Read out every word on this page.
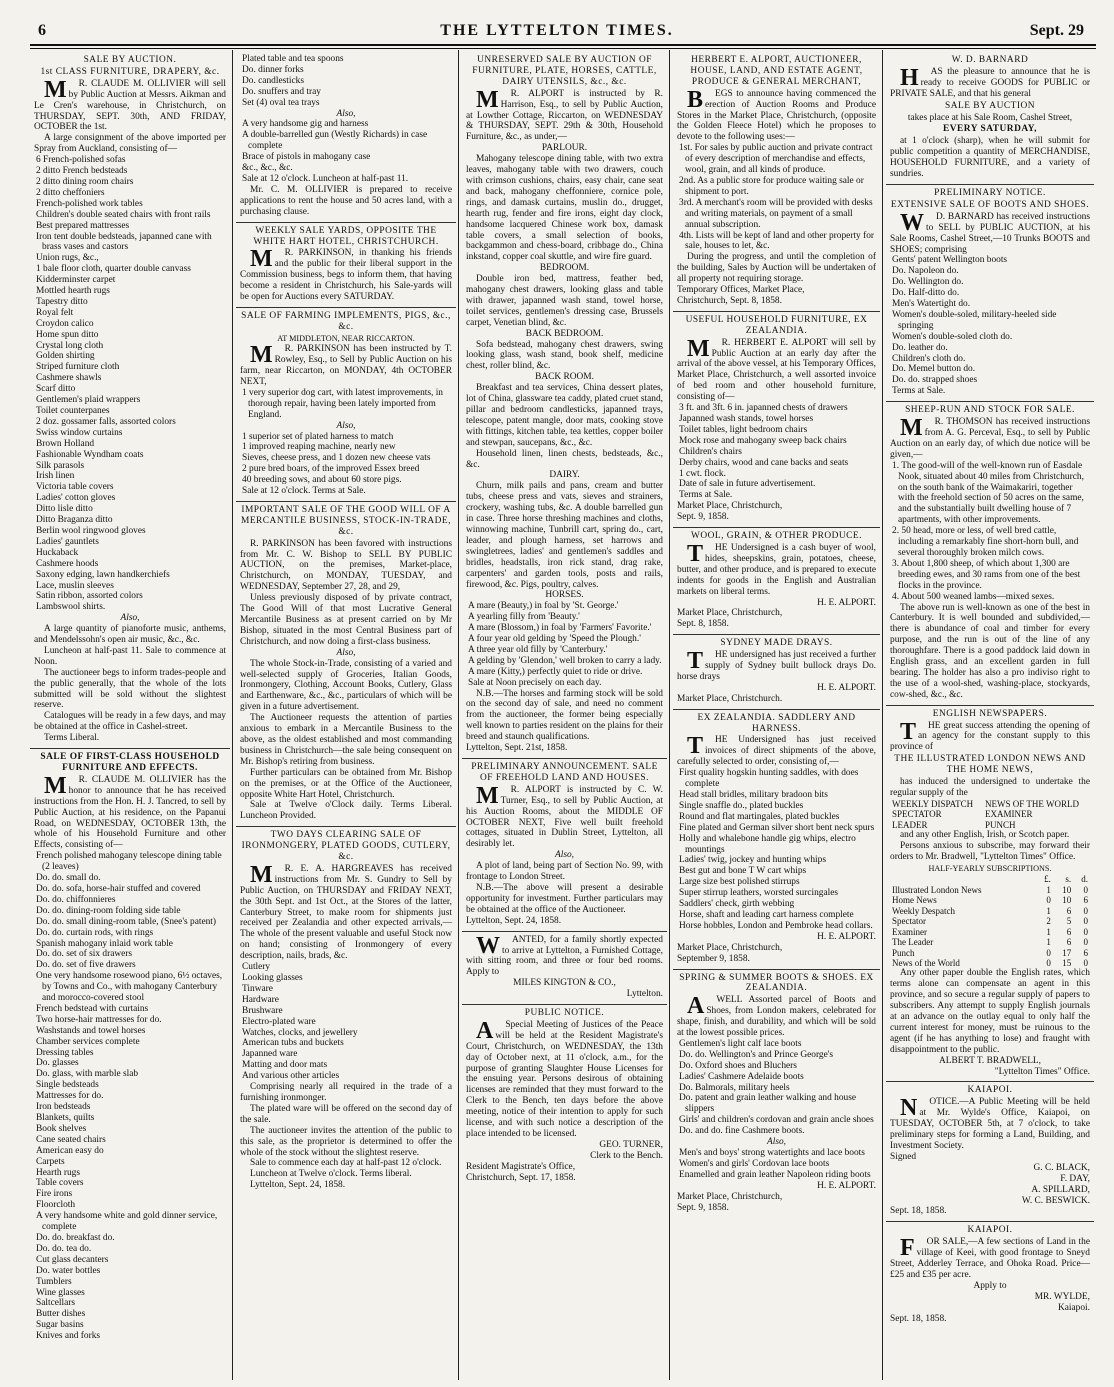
6	THE LYTTELTON TIMES.	Sept. 29
SALE BY AUCTION.
1st CLASS FURNITURE, DRAPERY, &c.

M R. CLAUDE M. OLLIVIER will sell by Public Auction at Messrs. Aikman and Le Cren's warehouse, in Christchurch, on THURSDAY, SEPT. 30th, AND FRIDAY, OCTOBER the 1st.

A large consignment of the above imported per Spray from Auckland, consisting of—

6 French-polished sofas
2 ditto French bedsteads
2 ditto dining room chairs
2 ditto cheffoniers
French-polished work tables
Children's double seated chairs with front rails
Best prepared mattresses
Iron tent double bedsteads, japanned cane with brass vases and castors
Union rugs, &c.,
1 bale floor cloth, quarter double canvass
Kidderminster carpet
Mottled hearth rugs
Tapestry ditto
Royal felt
Croydon calico
Home spun ditto
Crystal long cloth
Golden shirting
Striped furniture cloth
Cashmere shawls
Scarf ditto
Gentlemen's plaid wrappers
Toilet counterpanes
2 doz. gossamer falls, assorted colors
Swiss window curtains
Brown Holland
Fashionable Wyndham coats
Silk parasols
Irish linen
Victoria table covers
Ladies' cotton gloves
Ditto lisle ditto
Ditto Braganza ditto
Berlin wool ringwood gloves
Ladies' gauntlets
Huckaback
Cashmere hoods
Saxony edging, lawn handkerchiefs
Lace, muslin sleeves
Satin ribbon, assorted colors
Lambswool shirts.
Also,

A large quantity of pianoforte music, anthems, and Mendelssohn's open air music, &c., &c.

Luncheon at half-past 11. Sale to commence at Noon.

The auctioneer begs to inform trades-people and the public generally, that the whole of the lots submitted will be sold without the slightest reserve.

Catalogues will be ready in a few days, and may be obtained at the office in Cashel-street.

Terms Liberal.

SALE OF FIRST-CLASS HOUSEHOLD FURNITURE AND EFFECTS.

M R. CLAUDE M. OLLIVIER has the honor to announce that he has received instructions from the Hon. H. J. Tancred, to sell by Public Auction, at his residence, on the Papanui Road, on WEDNESDAY, OCTOBER 13th, the whole of his Household Furniture and other Effects, consisting of—

French polished mahogany telescope dining table (2 leaves)
Do. do. small do.
Do. do. sofa, horse-hair stuffed and covered
Do. do. chiffonnieres
Do. do. dining-room folding side table
Do. do. small dining-room table, (Snee's patent)
Do. do. curtain rods, with rings
Spanish mahogany inlaid work table
Do. do. set of six drawers
Do. do. set of five drawers
One very handsome rosewood piano, 6½ octaves, by Towns and Co., with mahogany Canterbury and morocco-covered stool
French bedstead with curtains
Two horse-hair mattresses for do.
Washstands and towel horses
Chamber services complete
Dressing tables
Do. glasses
Do. glass, with marble slab
Single bedsteads
Mattresses for do.
Iron bedsteads
Blankets, quilts
Book shelves
Cane seated chairs
American easy do
Carpets
Hearth rugs
Table covers
Fire irons
Floorcloth
A very handsome white and gold dinner service, complete
Do. do. breakfast do.
Do. do. tea do.
Cut glass decanters
Do. water bottles
Tumblers
Wine glasses
Saltcellars
Butter dishes
Sugar basins
Knives and forks
Plated table and tea spoons
Do. dinner forks
Do. candlesticks
Do. snuffers and tray
Set (4) oval tea trays
Also,
A very handsome gig and harness
A double-barrelled gun (Westly Richards) in case complete
Brace of pistols in mahogany case
&c., &c., &c.
Sale at 12 o'clock. Luncheon at half-past 11.

Mr. C. M. OLLIVIER is prepared to receive applications to rent the house and 50 acres land, with a purchasing clause.

WEEKLY SALE YARDS, OPPOSITE THE WHITE HART HOTEL, CHRISTCHURCH.

M R. PARKINSON, in thanking his friends and the public for their liberal support in the Commission business, begs to inform them, that having become a resident in Christchurch, his Sale-yards will be open for Auctions every SATURDAY.

SALE OF FARMING IMPLEMENTS, PIGS, &c., &c.
AT MIDDLETON, NEAR RICCARTON.

M R. PARKINSON has been instructed by T. Rowley, Esq., to Sell by Public Auction on his farm, near Riccarton, on MONDAY, 4th OCTOBER NEXT,

1 very superior dog cart, with latest improvements, in thorough repair, having been lately imported from England.
Also,
1 superior set of plated harness to match
1 improved reaping machine, nearly new
Sieves, cheese press, and 1 dozen new cheese vats
2 pure bred boars, of the improved Essex breed
40 breeding sows, and about 60 store pigs.
Sale at 12 o'clock. Terms at Sale.
IMPORTANT SALE OF THE GOOD WILL OF A MERCANTILE BUSINESS, STOCK-IN-TRADE, &c.

R. PARKINSON has been favored with instructions from Mr. C. W. Bishop to SELL BY PUBLIC AUCTION, on the premises, Market-place, Christchurch, on MONDAY, TUESDAY, and WEDNESDAY, September 27, 28, and 29,

Unless previously disposed of by private contract, The Good Will of that most Lucrative General Mercantile Business as at present carried on by Mr Bishop, situated in the most Central Business part of Christchurch, and now doing a first-class business.

Also,

The whole Stock-in-Trade, consisting of a varied and well-selected supply of Groceries, Italian Goods, Ironmongery, Clothing, Account Books, Cutlery, Glass and Earthenware, &c., &c., particulars of which will be given in a future advertisement.

The Auctioneer requests the attention of parties anxious to embark in a Mercantile Business to the above, as the oldest established and most commanding business in Christchurch—the sale being consequent on Mr. Bishop's retiring from business.

Further particulars can be obtained from Mr. Bishop on the premises, or at the Office of the Auctioneer, opposite White Hart Hotel, Christchurch.

Sale at Twelve o'Clock daily. Terms Liberal. Luncheon Provided.

TWO DAYS CLEARING SALE OF IRONMONGERY, PLATED GOODS, CUTLERY, &c.

M R. E. A. HARGREAVES has received instructions from Mr. S. Gundry to Sell by Public Auction, on THURSDAY and FRIDAY NEXT, the 30th Sept. and 1st Oct., at the Stores of the latter, Canterbury Street, to make room for shipments just received per Zealandia and other expected arrivals,—The whole of the present valuable and useful Stock now on hand; consisting of Ironmongery of every description, nails, brads, &c.

Cutlery
Looking glasses
Tinware
Hardware
Brushware
Electro-plated ware
Watches, clocks, and jewellery
American tubs and buckets
Japanned ware
Matting and door mats
And various other articles

Comprising nearly all required in the trade of a furnishing ironmonger.

The plated ware will be offered on the second day of the sale.

The auctioneer invites the attention of the public to this sale, as the proprietor is determined to offer the whole of the stock without the slightest reserve.

Sale to commence each day at half-past 12 o'clock.

Luncheon at Twelve o'clock. Terms liberal.

Lyttelton, Sept. 24, 1858.

UNRESERVED SALE BY AUCTION OF FURNITURE, PLATE, HORSES, CATTLE, DAIRY UTENSILS, &c., &c.

M R. ALPORT is instructed by R. Harrison, Esq., to sell by Public Auction, at Lowther Cottage, Riccarton, on WEDNESDAY & THURSDAY, SEPT. 29th & 30th, Household Furniture, &c., as under,—

PARLOUR.

Mahogany telescope dining table, with two extra leaves, mahogany table with two drawers, couch with crimson cushions, chairs, easy chair, cane seat and back, mahogany cheffonniere, cornice pole, rings, and damask curtains, muslin do., drugget, hearth rug, fender and fire irons, eight day clock, handsome lacquered Chinese work box, damask table covers, a small selection of books, backgammon and chess-board, cribbage do., China inkstand, copper coal skuttle, and wire fire guard.

BEDROOM.

Double iron bed, mattress, feather bed, mahogany chest drawers, looking glass and table with drawer, japanned wash stand, towel horse, toilet services, gentlemen's dressing case, Brussels carpet, Venetian blind, &c.

BACK BEDROOM.

Sofa bedstead, mahogany chest drawers, swing looking glass, wash stand, book shelf, medicine chest, roller blind, &c.

BACK ROOM.

Breakfast and tea services, China dessert plates, lot of China, glassware tea caddy, plated cruet stand, pillar and bedroom candlesticks, japanned trays, telescope, patent mangle, door mats, cooking stove with fittings, kitchen table, tea kettles, copper boiler and stewpan, saucepans, &c., &c.

Household linen, linen chests, bedsteads, &c., &c.

DAIRY.

Churn, milk pails and pans, cream and butter tubs, cheese press and vats, sieves and strainers, crockery, washing tubs, &c. A double barrelled gun in case. Three horse threshing machines and cloths, winnowing machine, Tunbrill cart, spring do., cart, leader, and plough harness, set harrows and swingletrees, ladies' and gentlemen's saddles and bridles, headstalls, iron rick stand, drag rake, carpenters' and garden tools, posts and rails, firewood, &c. Pigs, poultry, calves.

HORSES.
A mare (Beauty,) in foal by 'St. George.'
A yearling filly from 'Beauty.'
A mare (Blossom,) in foal by 'Farmers' Favorite.'
A four year old gelding by 'Speed the Plough.'
A three year old filly by 'Canterbury.'
A gelding by 'Glendon,' well broken to carry a lady.
A mare (Kitty,) perfectly quiet to ride or drive.
Sale at Noon precisely on each day.

N.B.—The horses and farming stock will be sold on the second day of sale, and need no comment from the auctioneer, the former being especially well known to parties resident on the plains for their breed and staunch qualifications.

Lyttelton, Sept. 21st, 1858.
PRELIMINARY ANNOUNCEMENT. SALE OF FREEHOLD LAND AND HOUSES.

M R. ALPORT is instructed by C. W. Turner, Esq., to sell by Public Auction, at his Auction Rooms, about the MIDDLE OF OCTOBER NEXT, Five well built freehold cottages, situated in Dublin Street, Lyttelton, all desirably let.

Also,

A plot of land, being part of Section No. 99, with frontage to London Street.

N.B.—The above will present a desirable opportunity for investment. Further particulars may be obtained at the office of the Auctioneer.

Lyttelton, Sept. 24, 1858.

W ANTED, for a family shortly expected to arrive at Lyttelton, a Furnished Cottage, with sitting room, and three or four bed rooms. Apply to

MILES KINGTON & CO.,
Lyttelton.
PUBLIC NOTICE.

A Special Meeting of Justices of the Peace will be held at the Resident Magistrate's Court, Christchurch, on WEDNESDAY, the 13th day of October next, at 11 o'clock, a.m., for the purpose of granting Slaughter House Licenses for the ensuing year. Persons desirous of obtaining licenses are reminded that they must forward to the Clerk to the Bench, ten days before the above meeting, notice of their intention to apply for such license, and with such notice a description of the place intended to be licensed.

GEO. TURNER,
Clerk to the Bench.
Resident Magistrate's Office,
Christchurch, Sept. 17, 1858.
HERBERT E. ALPORT, AUCTIONEER, HOUSE, LAND, AND ESTATE AGENT, PRODUCE & GENERAL MERCHANT,

B EGS to announce having commenced the erection of Auction Rooms and Produce Stores in the Market Place, Christchurch, (opposite the Golden Fleece Hotel) which he proposes to devote to the following uses:—

1st. For sales by public auction and private contract of every description of merchandise and effects, wool, grain, and all kinds of produce.
2nd. As a public store for produce waiting sale or shipment to port.
3rd. A merchant's room will be provided with desks and writing materials, on payment of a small annual subscription.
4th. Lists will be kept of land and other property for sale, houses to let, &c.

During the progress, and until the completion of the building, Sales by Auction will be undertaken of all property not requiring storage.

Temporary Offices, Market Place,
Christchurch, Sept. 8, 1858.
USEFUL HOUSEHOLD FURNITURE, EX ZEALANDIA.

M R. HERBERT E. ALPORT will sell by Public Auction at an early day after the arrival of the above vessel, at his Temporary Offices, Market Place, Christchurch, a well assorted invoice of bed room and other household furniture, consisting of—

3 ft. and 3ft. 6 in. japanned chests of drawers
Japanned wash stands, towel horses
Toilet tables, light bedroom chairs
Mock rose and mahogany sweep back chairs
Children's chairs
Derby chairs, wood and cane backs and seats
1 cwt. flock.
Date of sale in future advertisement.
Terms at Sale.
Market Place, Christchurch,
Sept. 9, 1858.
WOOL, GRAIN, & OTHER PRODUCE.

T HE Undersigned is a cash buyer of wool, hides, sheepskins, grain, potatoes, cheese, butter, and other produce, and is prepared to execute indents for goods in the English and Australian markets on liberal terms.

H. E. ALPORT.
Market Place, Christchurch,
Sept. 8, 1858.
SYDNEY MADE DRAYS.

T HE undersigned has just received a further supply of Sydney built bullock drays Do. horse drays

H. E. ALPORT.
Market Place, Christchurch.
EX ZEALANDIA. SADDLERY AND HARNESS.

T HE Undersigned has just received invoices of direct shipments of the above, carefully selected to order, consisting of,—

First quality hogskin hunting saddles, with does complete
Head stall bridles, military bradoon bits
Single snaffle do., plated buckles
Round and flat martingales, plated buckles
Fine plated and German silver short bent neck spurs
Holly and whalebone handle gig whips, electro mountings
Ladies' twig, jockey and hunting whips
Best gut and bone T W cart whips
Large size best polished stirrups
Super stirrup leathers, worsted surcingales
Saddlers' check, girth webbing
Horse, shaft and leading cart harness complete
Horse hobbles, London and Pembroke head collars.
H. E. ALPORT.
Market Place, Christchurch,
September 9, 1858.
SPRING & SUMMER BOOTS & SHOES. EX ZEALANDIA.

A WELL Assorted parcel of Boots and Shoes, from London makers, celebrated for shape, finish, and durability, and which will be sold at the lowest possible prices.

Gentlemen's light calf lace boots
Do. do. Wellington's and Prince George's
Do. Oxford shoes and Bluchers
Ladies' Cashmere Adelaide boots
Do. Balmorals, military heels
Do. patent and grain leather walking and house slippers
Girls' and children's cordovan and grain ancle shoes
Do. and do. fine Cashmere boots.
Also,
Men's and boys' strong watertights and lace boots
Women's and girls' Cordovan lace boots
Enamelled and grain leather Napoleon riding boots
H. E. ALPORT.
Market Place, Christchurch,
Sept. 9, 1858.
W. D. BARNARD

H AS the pleasure to announce that he is ready to receive GOODS for PUBLIC or PRIVATE SALE, and that his general

SALE BY AUCTION
takes place at his Sale Room, Cashel Street,
EVERY SATURDAY,

at 1 o'clock (sharp), when he will submit for public competition a quantity of MERCHANDISE, HOUSEHOLD FURNITURE, and a variety of sundries.

PRELIMINARY NOTICE.
EXTENSIVE SALE OF BOOTS AND SHOES.

W D. BARNARD has received instructions to SELL by PUBLIC AUCTION, at his Sale Rooms, Cashel Street,—10 Trunks BOOTS and SHOES; comprising

Gents' patent Wellington boots
Do. Napoleon do.
Do. Wellington do.
Do. Half-ditto do.
Men's Watertight do.
Women's double-soled, military-heeled side springing
Women's double-soled cloth do.
Do. leather do.
Children's cloth do.
Do. Memel button do.
Do. do. strapped shoes
Terms at Sale.
SHEEP-RUN AND STOCK FOR SALE.

M R. THOMSON has received instructions from A. G. Perceval, Esq., to sell by Public Auction on an early day, of which due notice will be given,—

1. The good-will of the well-known run of Easdale Nook, situated about 40 miles from Christchurch, on the south bank of the Waimakariri, together with the freehold section of 50 acres on the same, and the substantially built dwelling house of 7 apartments, with other improvements.
2. 50 head, more or less, of well bred cattle, including a remarkably fine short-horn bull, and several thoroughly broken milch cows.
3. About 1,800 sheep, of which about 1,300 are breeding ewes, and 30 rams from one of the best flocks in the province.
4. About 500 weaned lambs—mixed sexes.

The above run is well-known as one of the best in Canterbury. It is well bounded and subdivided,—there is abundance of coal and timber for every purpose, and the run is out of the line of any thoroughfare. There is a good paddock laid down in English grass, and an excellent garden in full bearing. The holder has also a pro indiviso right to the use of a wool-shed, washing-place, stockyards, cow-shed, &c., &c.

ENGLISH NEWSPAPERS.

T HE great success attending the opening of an agency for the constant supply to this province of

THE ILLUSTRATED LONDON NEWS AND THE HOME NEWS,

has induced the undersigned to undertake the regular supply of the

WEEKLY DISPATCH	NEWS OF THE WORLD
SPECTATOR	EXAMINER
LEADER	PUNCH

and any other English, Irish, or Scotch paper.

Persons anxious to subscribe, may forward their orders to Mr. Bradwell, "Lyttelton Times" Office.

HALF-YEARLY SUBSCRIPTIONS.
	£.	s.	d.
Illustrated London News	1	10	0
Home News	0	10	6
Weekly Despatch	1	6	0
Spectator	2	5	0
Examiner	1	6	0
The Leader	1	6	0
Punch	0	17	6
News of the World	0	15	0

Any other paper double the English rates, which terms alone can compensate an agent in this province, and so secure a regular supply of papers to subscribers. Any attempt to supply English journals at an advance on the outlay equal to only half the current interest for money, must be ruinous to the agent (if he has anything to lose) and fraught with disappointment to the public.

ALBERT T. BRADWELL,
"Lyttelton Times" Office.
KAIAPOI.

N OTICE.—A Public Meeting will be held at Mr. Wylde's Office, Kaiapoi, on TUESDAY, OCTOBER 5th, at 7 o'clock, to take preliminary steps for forming a Land, Building, and Investment Society.

Signed
G. C. BLACK,
F. DAY,
A. SPILLARD,
W. C. BESWICK.
Sept. 18, 1858.
KAIAPOI.

F OR SALE,—A few sections of Land in the village of Keei, with good frontage to Sneyd Street, Adderley Terrace, and Ohoka Road. Price—£25 and £35 per acre.

Apply to
MR. WYLDE,
Kaiapoi.
Sept. 18, 1858.
